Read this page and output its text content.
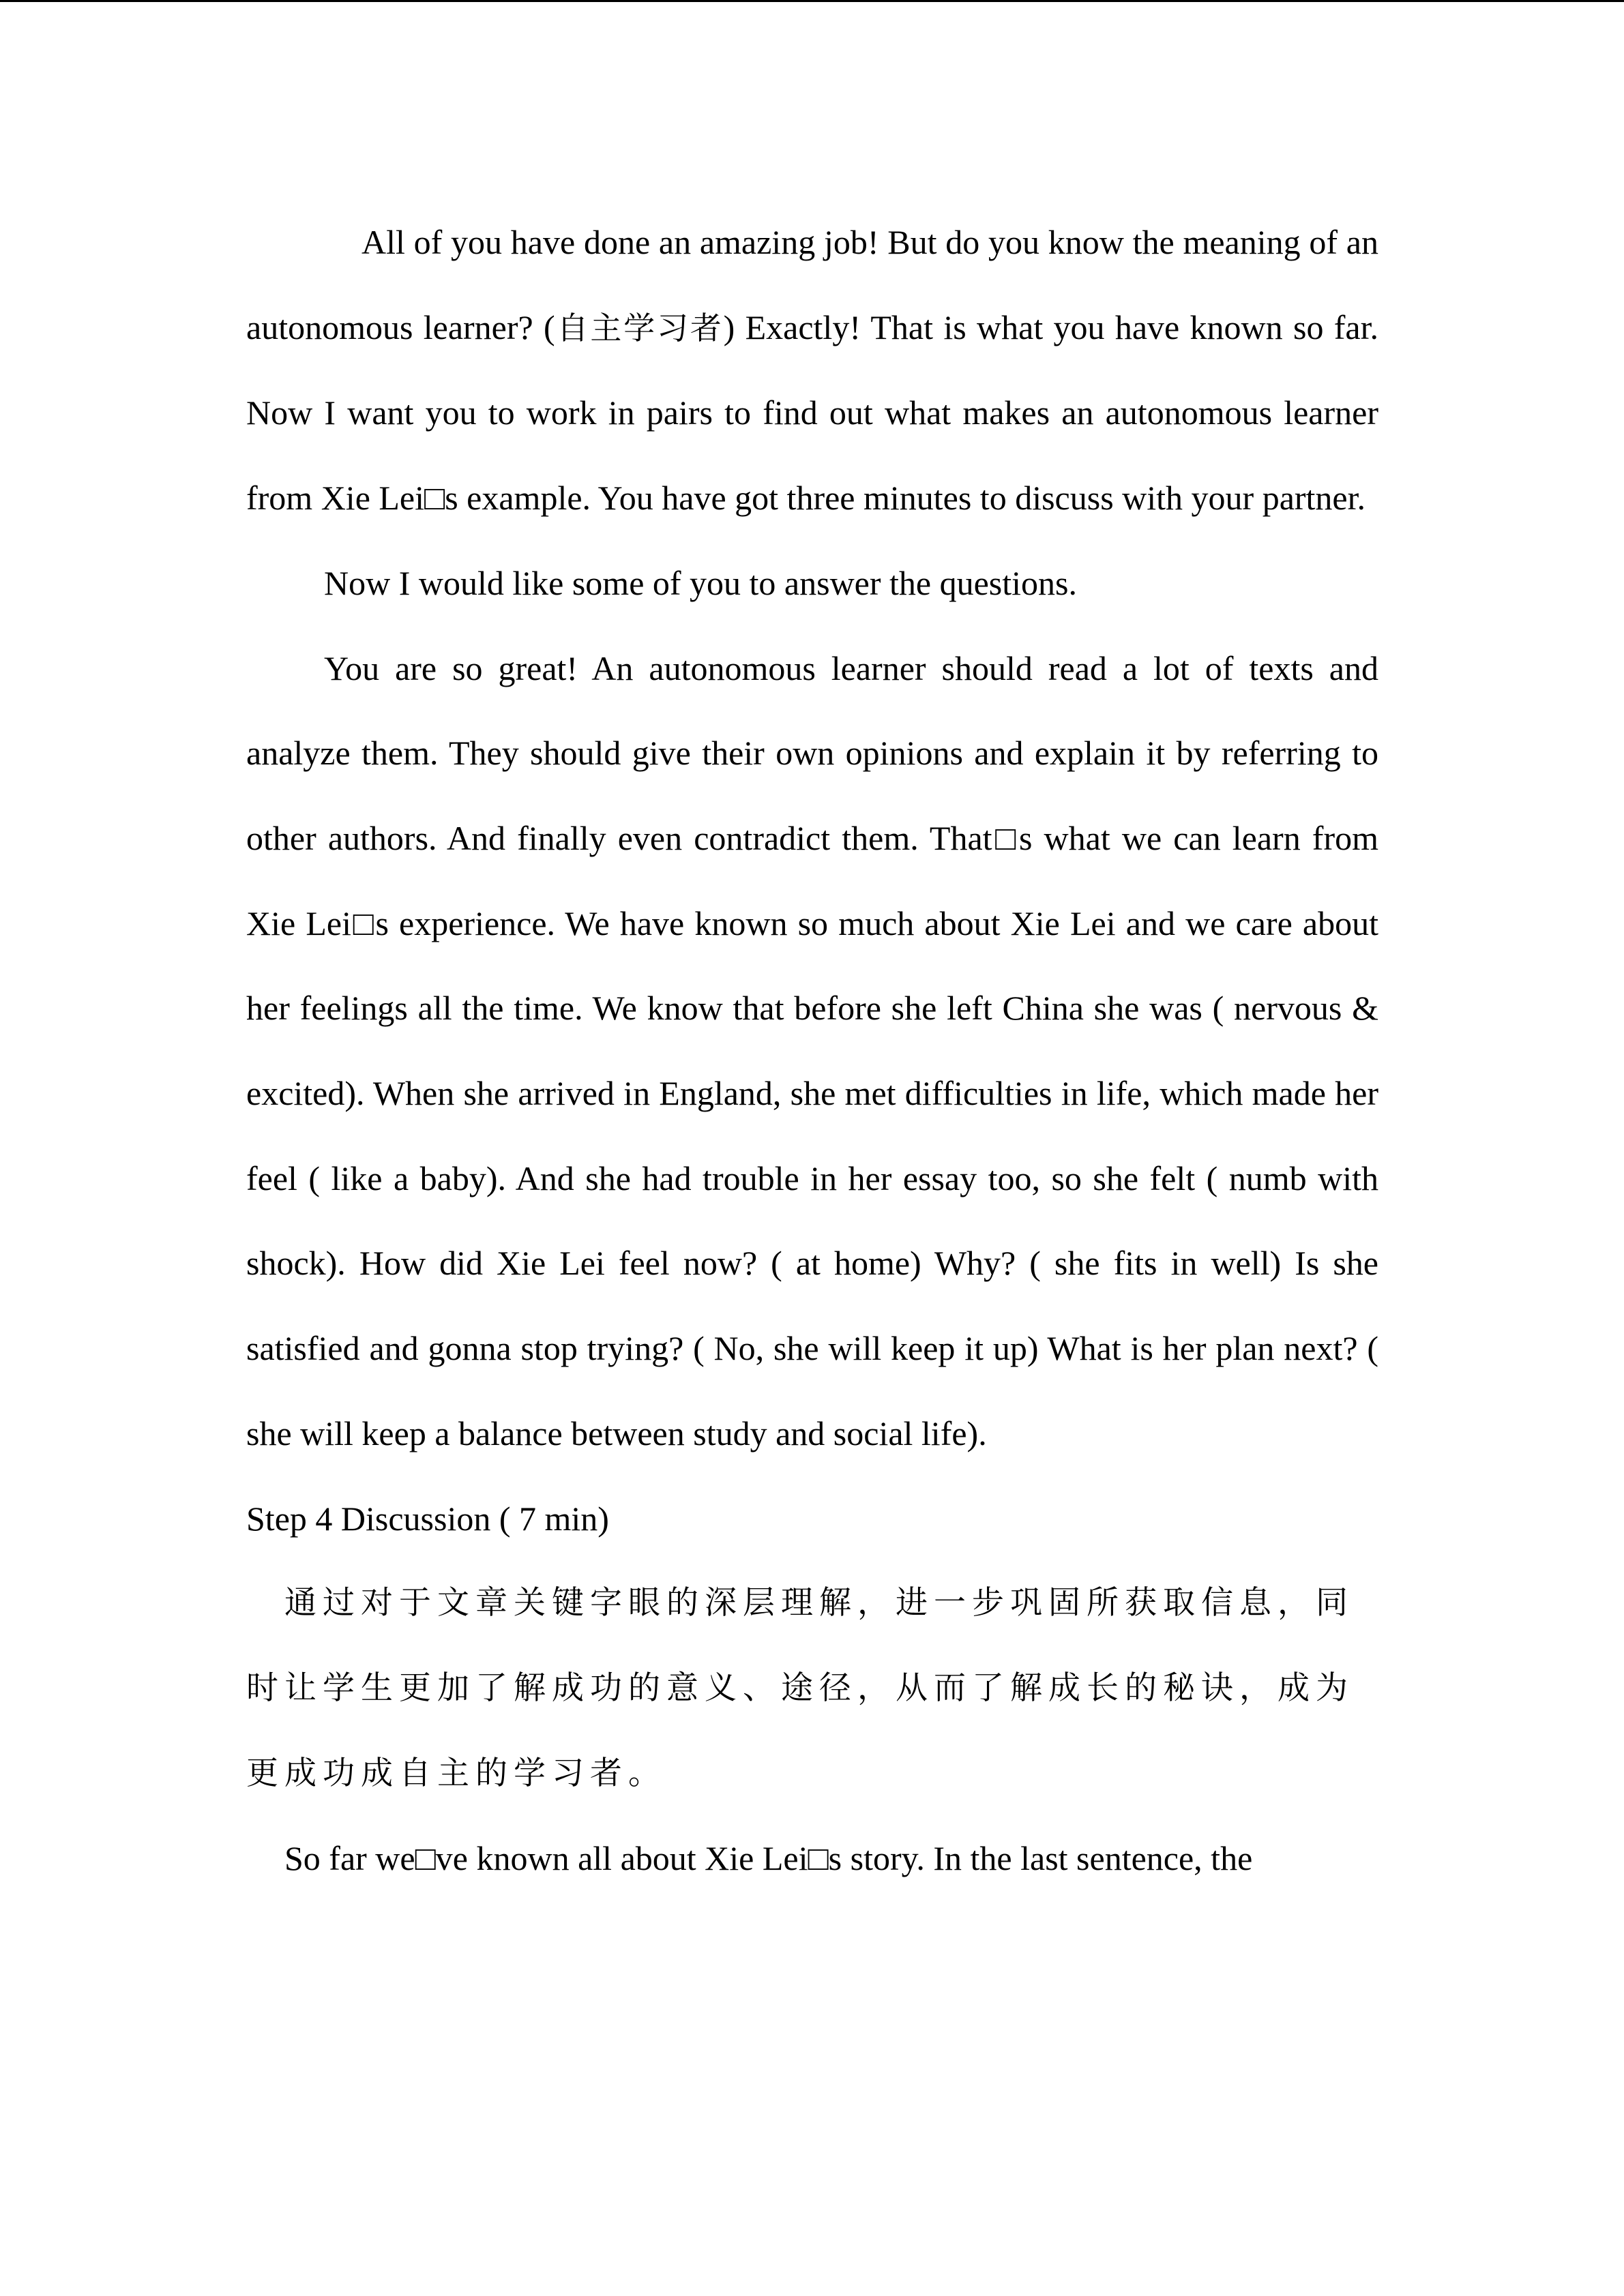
All of you have done an amazing job! But do you know the meaning of an autonomous learner? (自主学习者) Exactly! That is what you have known so far. Now I want you to work in pairs to find out what makes an autonomous learner from Xie Lei□s example. You have got three minutes to discuss with your partner.

Now I would like some of you to answer the questions.

You are so great! An autonomous learner should read a lot of texts and analyze them. They should give their own opinions and explain it by referring to other authors. And finally even contradict them. That□s what we can learn from Xie Lei□s experience. We have known so much about Xie Lei and we care about her feelings all the time. We know that before she left China she was ( nervous & excited). When she arrived in England, she met difficulties in life, which made her feel ( like a baby). And she had trouble in her essay too, so she felt ( numb with shock). How did Xie Lei feel now? ( at home) Why? ( she fits in well) Is she satisfied and gonna stop trying? ( No, she will keep it up) What is her plan next? ( she will keep a balance between study and social life).

Step 4 Discussion ( 7 min)

通过对于文章关键字眼的深层理解，进一步巩固所获取信息，同时让学生更加了解成功的意义、途径，从而了解成长的秘诀，成为更成功成自主的学习者。

So far we□ve known all about Xie Lei□s story. In the last sentence, the
